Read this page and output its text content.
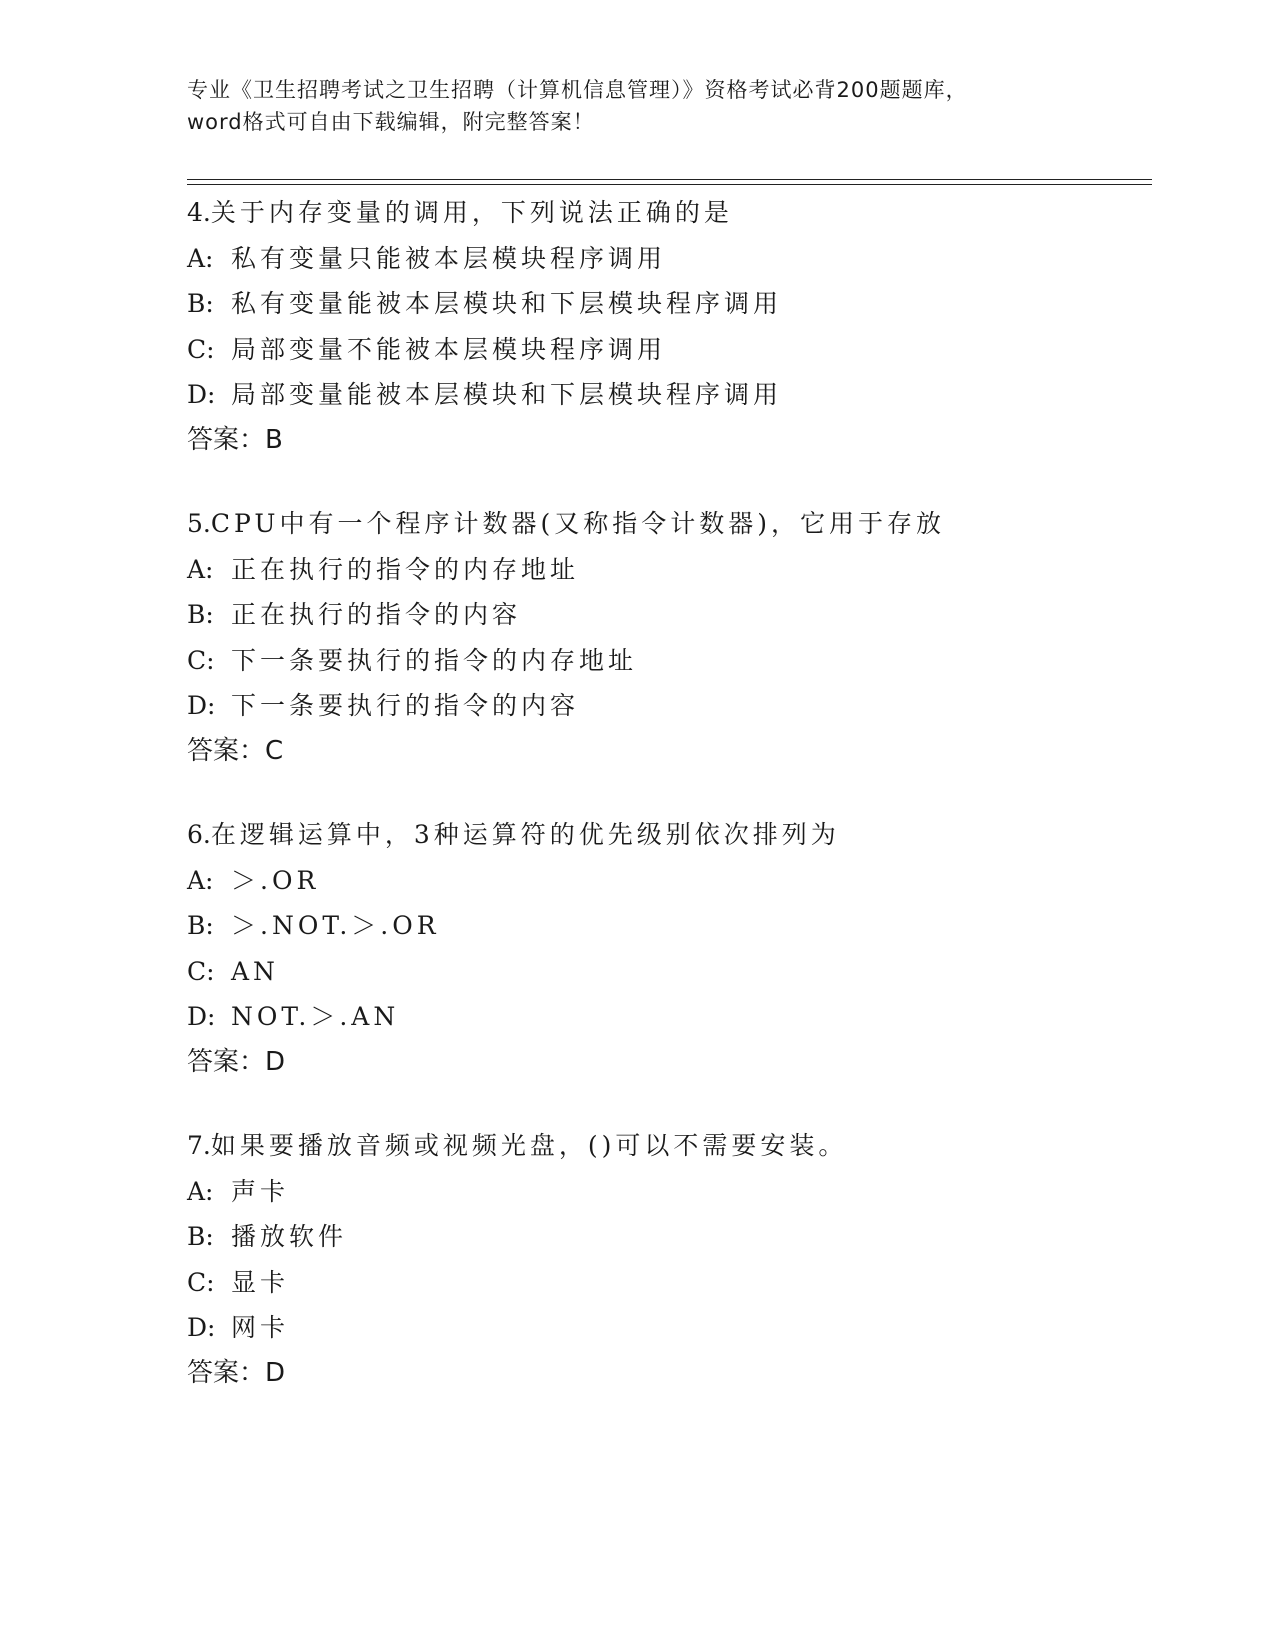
专业《卫生招聘考试之卫生招聘（计算机信息管理）》资格考试必背200题题库，
word格式可自由下载编辑，附完整答案！
4.关于内存变量的调用，下列说法正确的是
A: 私有变量只能被本层模块程序调用
B: 私有变量能被本层模块和下层模块程序调用
C: 局部变量不能被本层模块程序调用
D: 局部变量能被本层模块和下层模块程序调用
答案：B
5.CPU中有一个程序计数器(又称指令计数器)，它用于存放
A: 正在执行的指令的内存地址
B: 正在执行的指令的内容
C: 下一条要执行的指令的内存地址
D: 下一条要执行的指令的内容
答案：C
6.在逻辑运算中，3种运算符的优先级别依次排列为
A: ＞.OR
B: ＞.NOT.＞.OR
C: AN
D: NOT.＞.AN
答案：D
7.如果要播放音频或视频光盘，()可以不需要安装。
A: 声卡
B: 播放软件
C: 显卡
D: 网卡
答案：D
